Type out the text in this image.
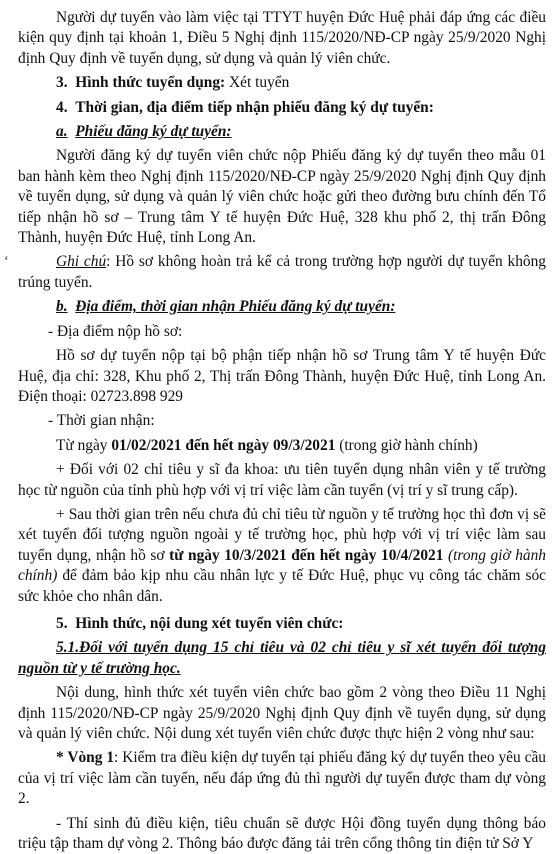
ʻ

Người dự tuyển vào làm việc tại TTYT huyện Đức Huệ phải đáp ứng các điều kiện quy định tại khoản 1, Điều 5 Nghị định 115/2020/NĐ-CP ngày 25/9/2020 Nghị định Quy định về tuyển dụng, sử dụng và quản lý viên chức.

3. Hình thức tuyển dụng: Xét tuyển

4. Thời gian, địa điểm tiếp nhận phiếu đăng ký dự tuyển:

a. Phiếu đăng ký dự tuyển:

Người đăng ký dự tuyển viên chức nộp Phiếu đăng ký dự tuyển theo mẫu 01 ban hành kèm theo Nghị định 115/2020/NĐ-CP ngày 25/9/2020 Nghị định Quy định về tuyển dụng, sử dụng và quản lý viên chức hoặc gửi theo đường bưu chính đến Tổ tiếp nhận hồ sơ – Trung tâm Y tế huyện Đức Huệ, 328 khu phố 2, thị trấn Đông Thành, huyện Đức Huệ, tỉnh Long An.

Ghi chú: Hồ sơ không hoàn trả kể cả trong trường hợp người dự tuyển không trúng tuyển.

b. Địa điểm, thời gian nhận Phiếu đăng ký dự tuyển:

- Địa điểm nộp hồ sơ:

Hồ sơ dự tuyển nộp tại bộ phận tiếp nhận hồ sơ Trung tâm Y tế huyện Đức Huệ, địa chỉ: 328, Khu phố 2, Thị trấn Đông Thành, huyện Đức Huệ, tỉnh Long An. Điện thoại: 02723.898 929

- Thời gian nhận:

Từ ngày 01/02/2021 đến hết ngày 09/3/2021 (trong giờ hành chính)

+ Đối với 02 chỉ tiêu y sĩ đa khoa: ưu tiên tuyển dụng nhân viên y tế trường học từ nguồn của tỉnh phù hợp với vị trí việc làm cần tuyển (vị trí y sĩ trung cấp).

+ Sau thời gian trên nếu chưa đủ chỉ tiêu từ nguồn y tế trường học thì đơn vị sẽ xét tuyển đối tượng nguồn ngoài y tế trường học, phù hợp với vị trí việc làm sau tuyển dụng, nhận hồ sơ từ ngày 10/3/2021 đến hết ngày 10/4/2021 (trong giờ hành chính) để đảm bảo kịp nhu cầu nhân lực y tế Đức Huệ, phục vụ công tác chăm sóc sức khỏe cho nhân dân.

5. Hình thức, nội dung xét tuyển viên chức:

5.1.Đối với tuyển dụng 15 chỉ tiêu và 02 chỉ tiêu y sĩ xét tuyển đối tượng nguồn từ y tế trường học.

Nội dung, hình thức xét tuyển viên chức bao gồm 2 vòng theo Điều 11 Nghị định 115/2020/NĐ-CP ngày 25/9/2020 Nghị định Quy định về tuyển dụng, sử dụng và quản lý viên chức. Nội dung xét tuyển viên chức được thực hiện 2 vòng như sau:

* Vòng 1: Kiểm tra điều kiện dự tuyển tại phiếu đăng ký dự tuyển theo yêu cầu của vị trí việc làm cần tuyển, nếu đáp ứng đủ thì người dự tuyển được tham dự vòng 2.

- Thí sinh đủ điều kiện, tiêu chuẩn sẽ được Hội đồng tuyển dụng thông báo triệu tập tham dự vòng 2. Thông báo được đăng tải trên cổng thông tin điện tử Sở Y
